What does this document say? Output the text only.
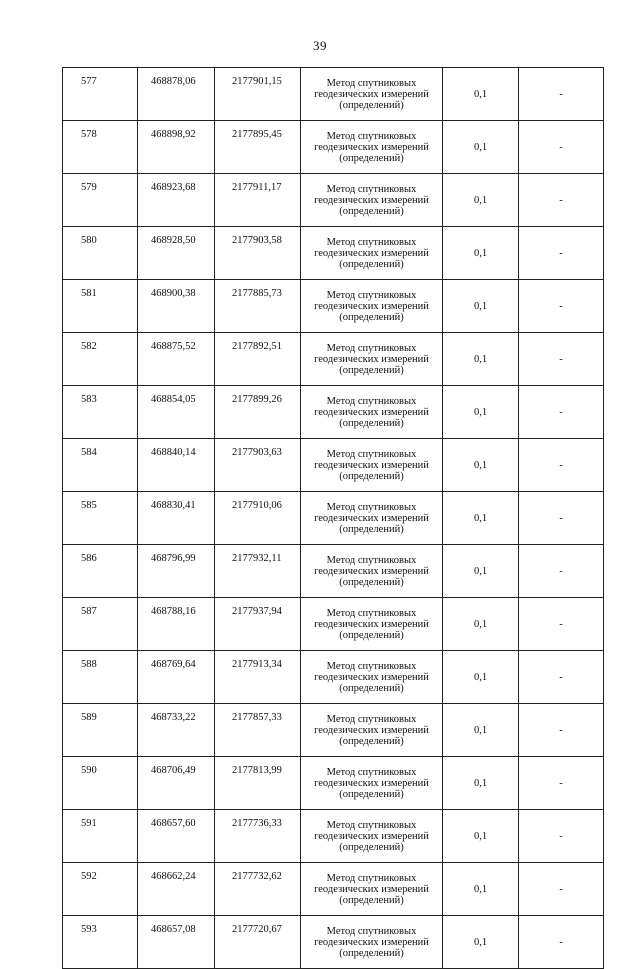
39
577	468878,06	2177901,15	Метод спутниковых
геодезических измерений
(определений)	0,1	-
578	468898,92	2177895,45	Метод спутниковых
геодезических измерений
(определений)	0,1	-
579	468923,68	2177911,17	Метод спутниковых
геодезических измерений
(определений)	0,1	-
580	468928,50	2177903,58	Метод спутниковых
геодезических измерений
(определений)	0,1	-
581	468900,38	2177885,73	Метод спутниковых
геодезических измерений
(определений)	0,1	-
582	468875,52	2177892,51	Метод спутниковых
геодезических измерений
(определений)	0,1	-
583	468854,05	2177899,26	Метод спутниковых
геодезических измерений
(определений)	0,1	-
584	468840,14	2177903,63	Метод спутниковых
геодезических измерений
(определений)	0,1	-
585	468830,41	2177910,06	Метод спутниковых
геодезических измерений
(определений)	0,1	-
586	468796,99	2177932,11	Метод спутниковых
геодезических измерений
(определений)	0,1	-
587	468788,16	2177937,94	Метод спутниковых
геодезических измерений
(определений)	0,1	-
588	468769,64	2177913,34	Метод спутниковых
геодезических измерений
(определений)	0,1	-
589	468733,22	2177857,33	Метод спутниковых
геодезических измерений
(определений)	0,1	-
590	468706,49	2177813,99	Метод спутниковых
геодезических измерений
(определений)	0,1	-
591	468657,60	2177736,33	Метод спутниковых
геодезических измерений
(определений)	0,1	-
592	468662,24	2177732,62	Метод спутниковых
геодезических измерений
(определений)	0,1	-
593	468657,08	2177720,67	Метод спутниковых
геодезических измерений
(определений)	0,1	-
